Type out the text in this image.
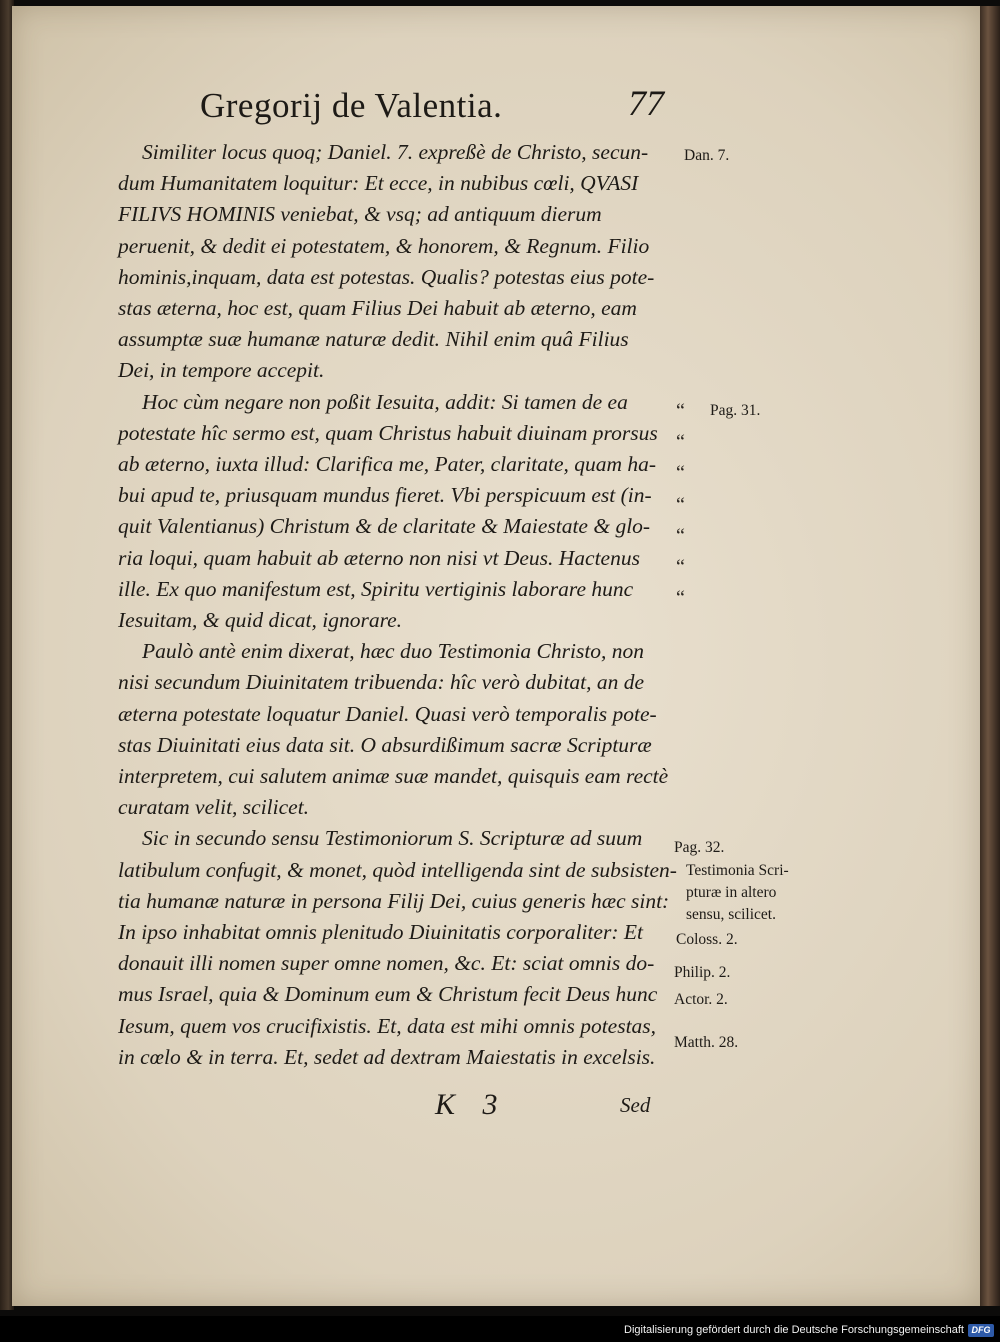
Gregorij de Valentia.	77

Similiter locus quoq; Daniel. 7. expreßè de Christo, secun-
dum Humanitatem loquitur: Et ecce, in nubibus cœli, QVASI
FILIVS HOMINIS veniebat, & vsq; ad antiquum dierum
peruenit, & dedit ei potestatem, & honorem, & Regnum. Filio
hominis,inquam, data est potestas. Qualis? potestas eius pote-
stas æterna, hoc est, quam Filius Dei habuit ab æterno, eam
assumptæ suæ humanæ naturæ dedit. Nihil enim quâ Filius
Dei, in tempore accepit.

Hoc cùm negare non poßit Iesuita, addit: Si tamen de ea
potestate hîc sermo est, quam Christus habuit diuinam prorsus
ab æterno, iuxta illud: Clarifica me, Pater, claritate, quam ha-
bui apud te, priusquam mundus fieret. Vbi perspicuum est (in-
quit Valentianus) Christum & de claritate & Maiestate & glo-
ria loqui, quam habuit ab æterno non nisi vt Deus. Hactenus
ille. Ex quo manifestum est, Spiritu vertiginis laborare hunc
Iesuitam, & quid dicat, ignorare.

Paulò antè enim dixerat, hæc duo Testimonia Christo, non
nisi secundum Diuinitatem tribuenda: hîc verò dubitat, an de
æterna potestate loquatur Daniel. Quasi verò temporalis pote-
stas Diuinitati eius data sit. O absurdißimum sacræ Scripturæ
interpretem, cui salutem animæ suæ mandet, quisquis eam rectè
curatam velit, scilicet.

Sic in secundo sensu Testimoniorum S. Scripturæ ad suum
latibulum confugit, & monet, quòd intelligenda sint de subsisten-
tia humanæ naturæ in persona Filij Dei, cuius generis hæc sint:
In ipso inhabitat omnis plenitudo Diuinitatis corporaliter: Et
donauit illi nomen super omne nomen, &c. Et: sciat omnis do-
mus Israel, quia & Dominum eum & Christum fecit Deus hunc
Iesum, quem vos crucifixistis. Et, data est mihi omnis potestas,
in cœlo & in terra. Et, sedet ad dextram Maiestatis in excelsis.

“
“
“
“
“
“
“
Dan. 7.
Pag. 31.
Pag. 32.
Testimonia Scri-
pturæ in altero
sensu, scilicet.
Coloss. 2.
Philip. 2.
Actor. 2.
Matth. 28.
K 3	Sed
Digitalisierung gefördert durch die Deutsche Forschungsgemeinschaft DFG
